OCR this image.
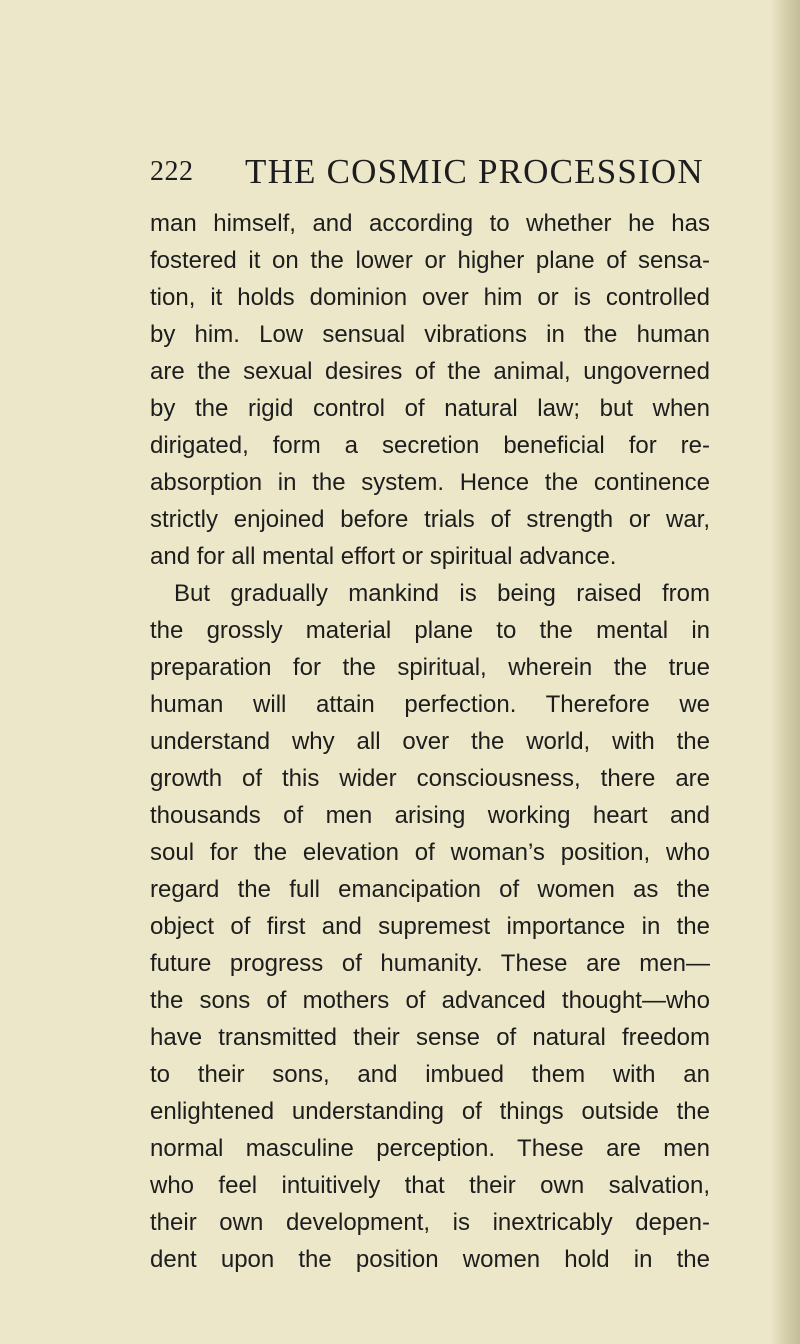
222 THE COSMIC PROCESSION
man himself, and according to whether he has
fostered it on the lower or higher plane of sensa-
tion, it holds dominion over him or is controlled
by him. Low sensual vibrations in the human
are the sexual desires of the animal, ungoverned
by the rigid control of natural law; but when
dirigated, form a secretion beneficial for re-
absorption in the system. Hence the continence
strictly enjoined before trials of strength or war,
and for all mental effort or spiritual advance.
But gradually mankind is being raised from
the grossly material plane to the mental in
preparation for the spiritual, wherein the true
human will attain perfection. Therefore we
understand why all over the world, with the
growth of this wider consciousness, there are
thousands of men arising working heart and
soul for the elevation of woman’s position, who
regard the full emancipation of women as the
object of first and supremest importance in the
future progress of humanity. These are men—
the sons of mothers of advanced thought—who
have transmitted their sense of natural freedom
to their sons, and imbued them with an
enlightened understanding of things outside the
normal masculine perception. These are men
who feel intuitively that their own salvation,
their own development, is inextricably depen-
dent upon the position women hold in the
